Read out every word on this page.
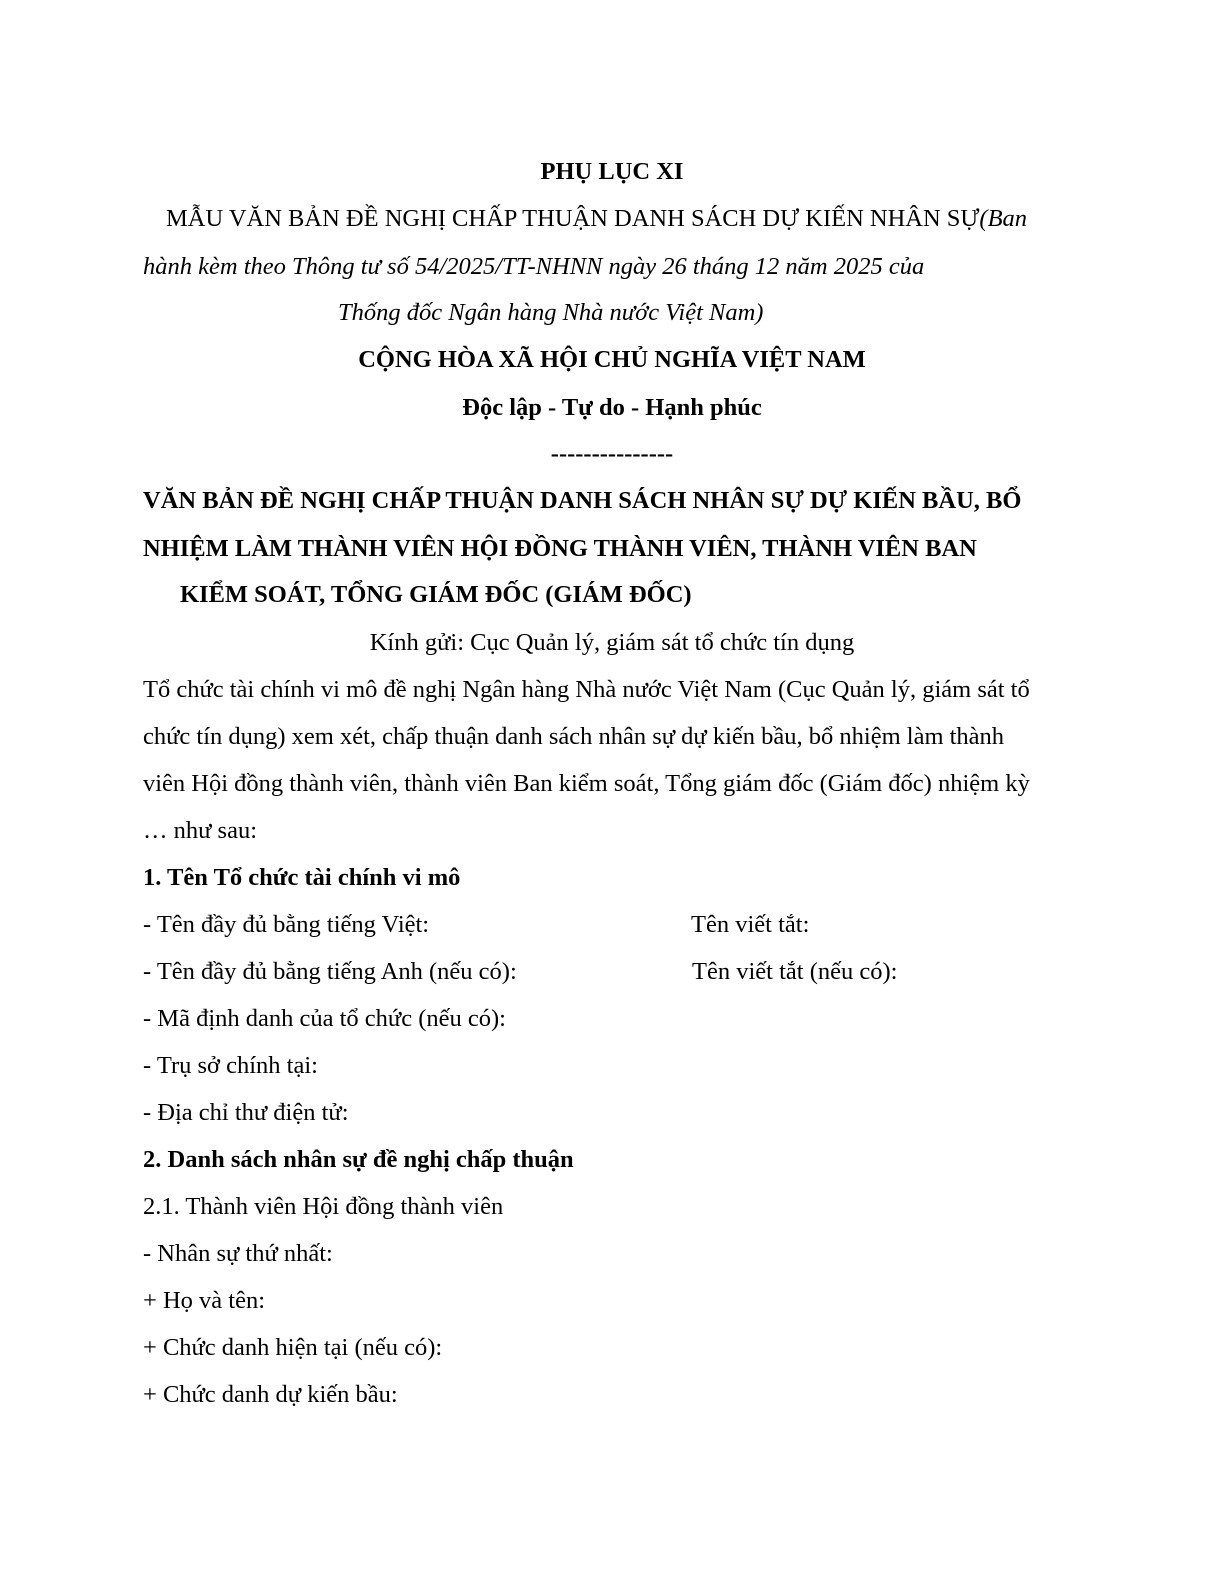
PHỤ LỤC XI
MẪU VĂN BẢN ĐỀ NGHỊ CHẤP THUẬN DANH SÁCH DỰ KIẾN NHÂN SỰ(Ban
hành kèm theo Thông tư số 54/2025/TT-NHNN ngày 26 tháng 12 năm 2025 của
Thống đốc Ngân hàng Nhà nước Việt Nam)
CỘNG HÒA XÃ HỘI CHỦ NGHĨA VIỆT NAM
Độc lập - Tự do - Hạnh phúc
---------------
VĂN BẢN ĐỀ NGHỊ CHẤP THUẬN DANH SÁCH NHÂN SỰ DỰ KIẾN BẦU, BỔ
NHIỆM LÀM THÀNH VIÊN HỘI ĐỒNG THÀNH VIÊN, THÀNH VIÊN BAN
KIỂM SOÁT, TỔNG GIÁM ĐỐC (GIÁM ĐỐC)
Kính gửi: Cục Quản lý, giám sát tổ chức tín dụng
Tổ chức tài chính vi mô đề nghị Ngân hàng Nhà nước Việt Nam (Cục Quản lý, giám sát tổ
chức tín dụng) xem xét, chấp thuận danh sách nhân sự dự kiến bầu, bổ nhiệm làm thành
viên Hội đồng thành viên, thành viên Ban kiểm soát, Tổng giám đốc (Giám đốc) nhiệm kỳ
… như sau:
1. Tên Tổ chức tài chính vi mô
- Tên đầy đủ bằng tiếng Việt:	Tên viết tắt:
- Tên đầy đủ bằng tiếng Anh (nếu có):	Tên viết tắt (nếu có):
- Mã định danh của tổ chức (nếu có):
- Trụ sở chính tại:
- Địa chỉ thư điện tử:
2. Danh sách nhân sự đề nghị chấp thuận
2.1. Thành viên Hội đồng thành viên
- Nhân sự thứ nhất:
+ Họ và tên:
+ Chức danh hiện tại (nếu có):
+ Chức danh dự kiến bầu:
